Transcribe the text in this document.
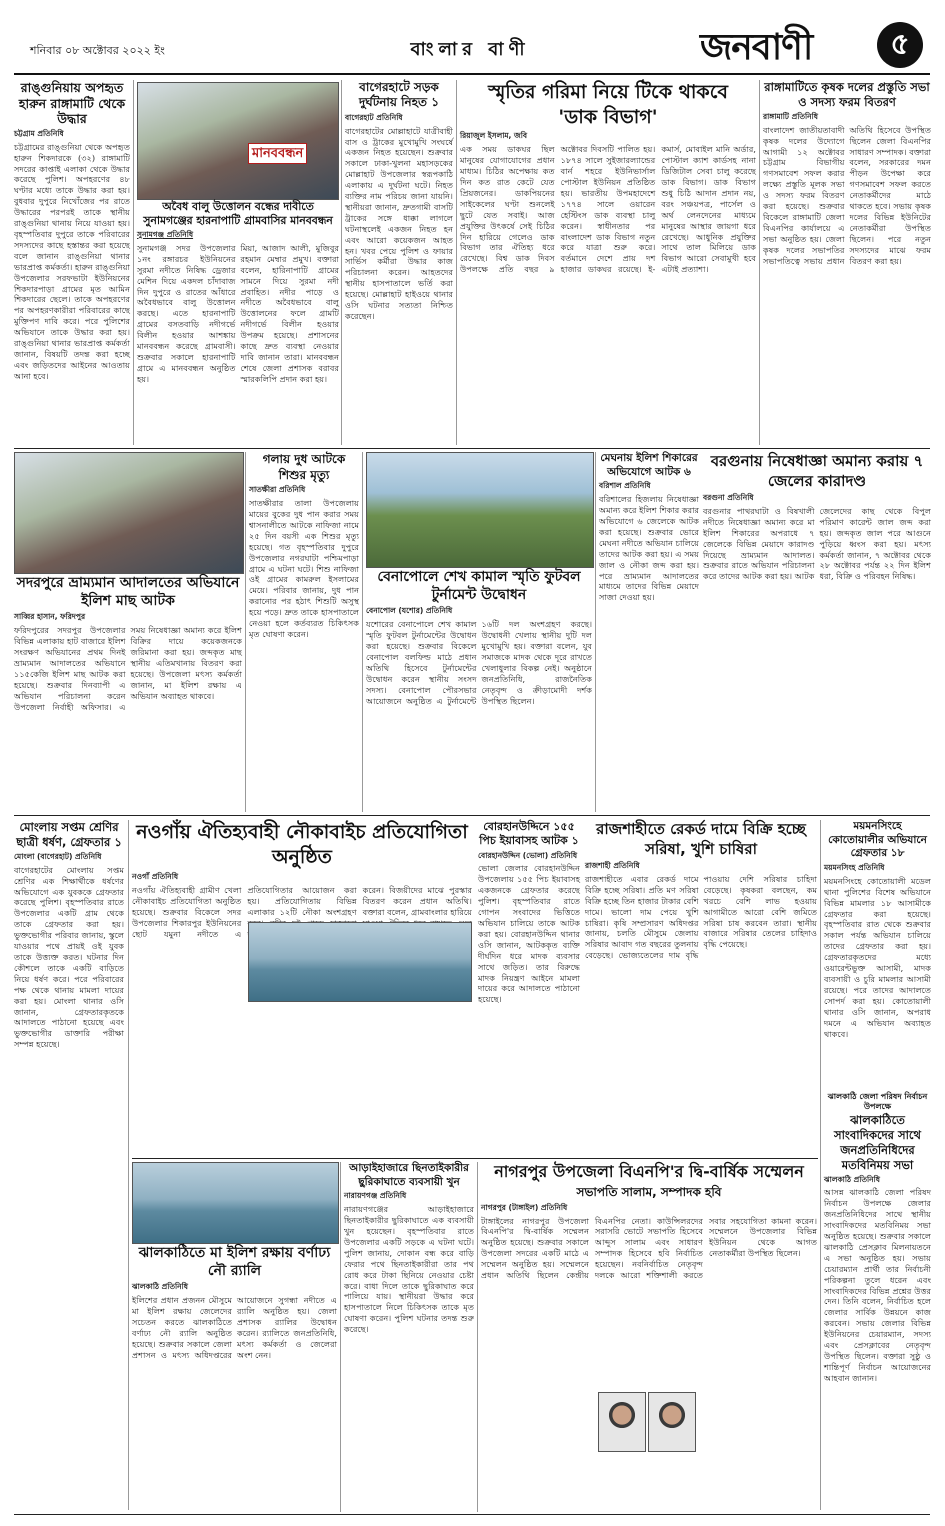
শনিবার ০৮ অক্টোবর ২০২২ ইং	বাংলার বাণী	জনবাণী	৫
রাঙ্গুনিয়ায় অপহৃত হারুন রাঙ্গামাটি থেকে উদ্ধার
চট্টগ্রাম প্রতিনিধি
চট্টগ্রামের রাঙ্গুনিয়া থেকে অপহৃত হারুন শিকদারকে (৩২) রাঙ্গামাটি সদরের কাপ্তাই এলাকা থেকে উদ্ধার করেছে পুলিশ। অপহরণের ৪৮ ঘণ্টার মধ্যে তাকে উদ্ধার করা হয়। বুধবার দুপুরে নিখোঁজের পর রাতে উদ্ধারের পরপরই তাকে স্থানীয় রাঙ্গুনিয়া থানায় নিয়ে যাওয়া হয়। বৃহস্পতিবার দুপুরে তাকে পরিবারের সদস্যদের কাছে হস্তান্তর করা হয়েছে বলে জানান রাঙ্গুনিয়া থানার ভারপ্রাপ্ত কর্মকর্তা। হারুন রাঙ্গুনিয়া উপজেলার সরফভাটা ইউনিয়নের শিকদারপাড়া গ্রামের মৃত আমিন শিকদারের ছেলে। তাকে অপহরণের পর অপহরণকারীরা পরিবারের কাছে মুক্তিপণ দাবি করে। পরে পুলিশের অভিযানে তাকে উদ্ধার করা হয়। রাঙ্গুনিয়া থানার ভারপ্রাপ্ত কর্মকর্তা জানান, বিষয়টি তদন্ত করা হচ্ছে এবং জড়িতদের আইনের আওতায় আনা হবে।
মানববন্ধন
অবৈধ বালু উত্তোলন বন্ধের দাবীতে সুনামগঞ্জের হারনাপাটি গ্রামবাসির মানববন্ধন
সুনামগঞ্জ প্রতিনিধি
সুনামগঞ্জ সদর উপজেলার ১নং রঙ্গারচর ইউনিয়নের সুরমা নদীতে নিষিদ্ধ ড্রেজার মেশিন দিয়ে একদল চাঁদাবাজ দিন দুপুরে ও রাতের আঁধারে অবৈধভাবে বালু উত্তোলন করছে। এতে হারনাপাটি গ্রামের বসতবাড়ি নদীগর্ভে বিলীন হওয়ার আশঙ্কায় মানববন্ধন করেছে গ্রামবাসী। শুক্রবার সকালে হারনাপাটি গ্রামে এ মানববন্ধন অনুষ্ঠিত হয়।
মিয়া, আজাদ আলী, মুজিবুর রহমান মেম্বার প্রমুখ। বক্তারা বলেন, হারিনাপাটি গ্রামের সামনে দিয়ে সুরমা নদী প্রবাহিত। নদীর পাড়ে ও নদীতে অবৈধভাবে বালু উত্তোলনের ফলে গ্রামটি নদীগর্ভে বিলীন হওয়ার উপক্রম হয়েছে। প্রশাসনের কাছে দ্রুত ব্যবস্থা নেওয়ার দাবি জানান তারা। মানববন্ধন শেষে জেলা প্রশাসক বরাবর স্মারকলিপি প্রদান করা হয়।
বাগেরহাটে সড়ক দুর্ঘটনায় নিহত ১
বাগেরহাট প্রতিনিধি
বাগেরহাটের মোল্লাহাটে যাত্রীবাহী বাস ও ট্রাকের মুখোমুখি সংঘর্ষে একজন নিহত হয়েছেন। শুক্রবার সকালে ঢাকা-খুলনা মহাসড়কের মোল্লাহাট উপজেলার স্বরূপকাঠি এলাকায় এ দুর্ঘটনা ঘটে। নিহত ব্যক্তির নাম পরিচয় জানা যায়নি। স্থানীয়রা জানান, দ্রুতগামী বাসটি ট্রাকের সঙ্গে ধাক্কা লাগলে ঘটনাস্থলেই একজন নিহত হন এবং আরো কয়েকজন আহত হন। খবর পেয়ে পুলিশ ও ফায়ার সার্ভিস কর্মীরা উদ্ধার কাজ পরিচালনা করেন। আহতদের স্থানীয় হাসপাতালে ভর্তি করা হয়েছে। মোল্লাহাট হাইওয়ে থানার ওসি ঘটনার সত্যতা নিশ্চিত করেছেন।
স্মৃতির গরিমা নিয়ে টিকে থাকবে 'ডাক বিভাগ'
রিয়াজুল ইসলাম, জবি
এক সময় ডাকঘর ছিল মানুষের যোগাযোগের প্রধান মাধ্যম। চিঠির অপেক্ষায় কত দিন কত রাত কেটে যেত প্রিয়জনের। ডাকপিয়নের সাইকেলের ঘণ্টা শুনলেই ছুটে যেত সবাই। আজ প্রযুক্তির উৎকর্ষে সেই চিঠির দিন হারিয়ে গেলেও ডাক বিভাগ তার ঐতিহ্য ধরে রেখেছে। বিশ্ব ডাক দিবস উপলক্ষে প্রতি বছর ৯ অক্টোবর দিবসটি পালিত হয়। ১৮৭৪ সালে সুইজারল্যান্ডের বার্ন শহরে ইউনিভার্সাল পোস্টাল ইউনিয়ন প্রতিষ্ঠিত হয়। ভারতীয় উপমহাদেশে ১৭৭৪ সালে ওয়ারেন হেস্টিংস ডাক ব্যবস্থা চালু করেন। স্বাধীনতার পর বাংলাদেশ ডাক বিভাগ নতুন করে যাত্রা শুরু করে। বর্তমানে দেশে প্রায় দশ হাজার ডাকঘর রয়েছে। ই-কমার্স, মোবাইল মানি অর্ডার, পোস্টাল ক্যাশ কার্ডসহ নানা ডিজিটাল সেবা চালু করেছে ডাক বিভাগ। ডাক বিভাগ শুধু চিঠি আদান প্রদান নয়, বরং সঞ্চয়পত্র, পার্সেল ও অর্থ লেনদেনের মাধ্যমে মানুষের আস্থার জায়গা ধরে রেখেছে। আধুনিক প্রযুক্তির সাথে তাল মিলিয়ে ডাক বিভাগ আরো সেবামুখী হবে এটাই প্রত্যাশা।
রাঙ্গামাটিতে কৃষক দলের প্রস্তুতি সভা ও সদস্য ফরম বিতরণ
রাঙ্গামাটি প্রতিনিধি
বাংলাদেশ জাতীয়তাবাদী কৃষক দলের উদ্যোগে আগামী ১২ অক্টোবর চট্টগ্রাম বিভাগীয় গণসমাবেশ সফল করার লক্ষ্যে প্রস্তুতি মূলক সভা ও সদস্য ফরম বিতরণ করা হয়েছে। শুক্রবার বিকেলে রাঙ্গামাটি জেলা বিএনপির কার্যালয়ে এ সভা অনুষ্ঠিত হয়। জেলা কৃষক দলের সভাপতির সভাপতিত্বে সভায় প্রধান অতিথি হিসেবে উপস্থিত ছিলেন জেলা বিএনপির সাধারণ সম্পাদক। বক্তারা বলেন, সরকারের দমন পীড়ন উপেক্ষা করে গণসমাবেশ সফল করতে নেতাকর্মীদের মাঠে থাকতে হবে। সভায় কৃষক দলের বিভিন্ন ইউনিটের নেতাকর্মীরা উপস্থিত ছিলেন। পরে নতুন সদস্যদের মাঝে ফরম বিতরণ করা হয়।
সদরপুরে ভ্রাম্যমান আদালতের অভিযানে ইলিশ মাছ আটক
সাব্বির হাসান, ফরিদপুর
ফরিদপুরের সদরপুর উপজেলার বিভিন্ন এলাকায় হাট বাজারে ইলিশ সংরক্ষণ অভিযানের প্রথম দিনই ভ্রাম্যমান আদালতের অভিযানে ১১৫কেজি ইলিশ মাছ আটক করা হয়েছে। শুক্রবার দিনব্যাপী এ অভিযান পরিচালনা করেন উপজেলা নির্বাহী অফিসার। এ সময় নিষেধাজ্ঞা অমান্য করে ইলিশ বিক্রির দায়ে কয়েকজনকে জরিমানা করা হয়। জব্দকৃত মাছ স্থানীয় এতিমখানায় বিতরণ করা হয়েছে। উপজেলা মৎস্য কর্মকর্তা জানান, মা ইলিশ রক্ষায় এ অভিযান অব্যাহত থাকবে।
গলায় দুধ আটকে শিশুর মৃত্যু
সাতক্ষীরা প্রতিনিধি
সাতক্ষীরার তালা উপজেলায় মায়ের বুকের দুধ পান করার সময় শ্বাসনালীতে আটকে নাফিজা নামে ২৫ দিন বয়সী এক শিশুর মৃত্যু হয়েছে। গত বৃহস্পতিবার দুপুরে উপজেলার নগরঘাটা পশ্চিমপাড়া গ্রামে এ ঘটনা ঘটে। শিশু নাফিজা ওই গ্রামের কামরুল ইসলামের মেয়ে। পরিবার জানায়, দুধ পান করানোর পর হঠাৎ শিশুটি অসুস্থ হয়ে পড়ে। দ্রুত তাকে হাসপাতালে নেওয়া হলে কর্তব্যরত চিকিৎসক মৃত ঘোষণা করেন।
বেনাপোলে শেখ কামাল স্মৃতি ফুটবল টুর্নামেন্ট উদ্বোধন
বেনাপোল (যশোর) প্রতিনিধি
যশোরের বেনাপোলে শেখ কামাল স্মৃতি ফুটবল টুর্নামেন্টের উদ্বোধন করা হয়েছে। শুক্রবার বিকেলে বেনাপোল বলফিল্ড মাঠে প্রধান অতিথি হিসেবে টুর্নামেন্টের উদ্বোধন করেন স্থানীয় সংসদ সদস্য। বেনাপোল পৌরসভার আয়োজনে অনুষ্ঠিত এ টুর্নামেন্টে ১৬টি দল অংশগ্রহণ করছে। উদ্বোধনী খেলায় স্থানীয় দুটি দল মুখোমুখি হয়। বক্তারা বলেন, যুব সমাজকে মাদক থেকে দূরে রাখতে খেলাধুলার বিকল্প নেই। অনুষ্ঠানে জনপ্রতিনিধি, রাজনৈতিক নেতৃবৃন্দ ও ক্রীড়ামোদী দর্শক উপস্থিত ছিলেন।
মেঘনায় ইলিশ শিকারের অভিযোগে আটক ৬
বরিশাল প্রতিনিধি
বরিশালের হিজলায় নিষেধাজ্ঞা অমান্য করে ইলিশ শিকার করার অভিযোগে ৬ জেলেকে আটক করা হয়েছে। শুক্রবার ভোরে মেঘনা নদীতে অভিযান চালিয়ে তাদের আটক করা হয়। এ সময় জাল ও নৌকা জব্দ করা হয়। পরে ভ্রাম্যমান আদালতের মাধ্যমে তাদের বিভিন্ন মেয়াদে সাজা দেওয়া হয়।
বরগুনায় নিষেধাজ্ঞা অমান্য করায় ৭ জেলের কারাদণ্ড
বরগুনা প্রতিনিধি
বরগুনার পাথরঘাটা ও বিষখালী নদীতে নিষেধাজ্ঞা অমান্য করে মা ইলিশ শিকারের অপরাধে ৭ জেলেকে বিভিন্ন মেয়াদে কারাদণ্ড দিয়েছে ভ্রাম্যমান আদালত। শুক্রবার রাতে অভিযান পরিচালনা করে তাদের আটক করা হয়। আটক জেলেদের কাছ থেকে বিপুল পরিমাণ কারেন্ট জাল জব্দ করা হয়। জব্দকৃত জাল পরে আগুনে পুড়িয়ে ধ্বংস করা হয়। মৎস্য কর্মকর্তা জানান, ৭ অক্টোবর থেকে ২৮ অক্টোবর পর্যন্ত ২২ দিন ইলিশ ধরা, বিক্রি ও পরিবহন নিষিদ্ধ।
মোংলায় সপ্তম শ্রেণির ছাত্রী ধর্ষণ, গ্রেফতার ১
মোংলা (বাগেরহাট) প্রতিনিধি
বাগেরহাটের মোংলায় সপ্তম শ্রেণির এক শিক্ষার্থীকে ধর্ষণের অভিযোগে এক যুবককে গ্রেফতার করেছে পুলিশ। বৃহস্পতিবার রাতে উপজেলার একটি গ্রাম থেকে তাকে গ্রেফতার করা হয়। ভুক্তভোগীর পরিবার জানায়, স্কুলে যাওয়ার পথে প্রায়ই ওই যুবক তাকে উত্ত্যক্ত করত। ঘটনার দিন কৌশলে তাকে একটি বাড়িতে নিয়ে ধর্ষণ করে। পরে পরিবারের পক্ষ থেকে থানায় মামলা দায়ের করা হয়। মোংলা থানার ওসি জানান, গ্রেফতারকৃতকে আদালতে পাঠানো হয়েছে এবং ভুক্তভোগীর ডাক্তারি পরীক্ষা সম্পন্ন হয়েছে।
নওগাঁয় ঐতিহ্যবাহী নৌকাবাইচ প্রতিযোগিতা অনুষ্ঠিত
নওগাঁ প্রতিনিধি
নওগাঁয় ঐতিহ্যবাহী গ্রামীণ খেলা নৌকাবাইচ প্রতিযোগিতা অনুষ্ঠিত হয়েছে। শুক্রবার বিকেলে সদর উপজেলার শিকারপুর ইউনিয়নের ছোট যমুনা নদীতে এ প্রতিযোগিতার আয়োজন করা হয়। প্রতিযোগিতায় বিভিন্ন এলাকার ১২টি নৌকা অংশগ্রহণ করেন। বিজয়ীদের মাঝে পুরস্কার বিতরণ করেন প্রধান অতিথি। বক্তারা বলেন, গ্রামবাংলার হারিয়ে
বোরহানউদ্দিনে ১৫৫ পিচ ইয়াবাসহ আটক ১
বোরহানউদ্দিন (ভোলা) প্রতিনিধি
ভোলা জেলার বোরহানউদ্দিন উপজেলায় ১৫৫ পিচ ইয়াবাসহ একজনকে গ্রেফতার করেছে পুলিশ। বৃহস্পতিবার রাতে গোপন সংবাদের ভিত্তিতে অভিযান চালিয়ে তাকে আটক করা হয়। বোরহানউদ্দিন থানার ওসি জানান, আটককৃত ব্যক্তি দীর্ঘদিন ধরে মাদক ব্যবসার সাথে জড়িত। তার বিরুদ্ধে মাদক নিয়ন্ত্রণ আইনে মামলা দায়ের করে আদালতে পাঠানো হয়েছে।
রাজশাহীতে রেকর্ড দামে বিক্রি হচ্ছে সরিষা, খুশি চাষিরা
রাজশাহী প্রতিনিধি
রাজশাহীতে এবার রেকর্ড দামে বিক্রি হচ্ছে সরিষা। প্রতি মণ সরিষা বিক্রি হচ্ছে তিন হাজার টাকার বেশি দামে। ভালো দাম পেয়ে খুশি চাষিরা। কৃষি সম্প্রসারণ অধিদপ্তর জানায়, চলতি মৌসুমে জেলায় সরিষার আবাদ গত বছরের তুলনায় বেড়েছে। ভোজ্যতেলের দাম বৃদ্ধি পাওয়ায় দেশি সরিষার চাহিদা বেড়েছে। কৃষকরা বলছেন, কম খরচে বেশি লাভ হওয়ায় আগামীতে আরো বেশি জমিতে সরিষা চাষ করবেন তারা। স্থানীয় বাজারে সরিষার তেলের চাহিদাও বৃদ্ধি পেয়েছে।
ময়মনসিংহে কোতোয়ালীর অভিযানে গ্রেফতার ১৮
ময়মনসিংহ প্রতিনিধি
ময়মনসিংহে কোতোয়ালী মডেল থানা পুলিশের বিশেষ অভিযানে বিভিন্ন মামলার ১৮ আসামীকে গ্রেফতার করা হয়েছে। বৃহস্পতিবার রাত থেকে শুক্রবার সকাল পর্যন্ত অভিযান চালিয়ে তাদের গ্রেফতার করা হয়। গ্রেফতারকৃতদের মধ্যে ওয়ারেন্টভুক্ত আসামী, মাদক ব্যবসায়ী ও চুরি মামলার আসামী রয়েছে। পরে তাদের আদালতে সোপর্দ করা হয়। কোতোয়ালী থানার ওসি জানান, অপরাধ দমনে এ অভিযান অব্যাহত থাকবে।
ঝালকাঠি জেলা পরিষদ নির্বাচন উপলক্ষে
ঝালকাঠিতে সাংবাদিকদের সাথে জনপ্রতিনিধিদের মতবিনিময় সভা
ঝালকাঠি প্রতিনিধি
আসন্ন ঝালকাঠি জেলা পরিষদ নির্বাচন উপলক্ষে জেলার জনপ্রতিনিধিদের সাথে স্থানীয় সাংবাদিকদের মতবিনিময় সভা অনুষ্ঠিত হয়েছে। শুক্রবার সকালে ঝালকাঠি প্রেসক্লাব মিলনায়তনে এ সভা অনুষ্ঠিত হয়। সভায় চেয়ারম্যান প্রার্থী তার নির্বাচনী পরিকল্পনা তুলে ধরেন এবং সাংবাদিকদের বিভিন্ন প্রশ্নের উত্তর দেন। তিনি বলেন, নির্বাচিত হলে জেলার সার্বিক উন্নয়নে কাজ করবেন। সভায় জেলার বিভিন্ন ইউনিয়নের চেয়ারম্যান, সদস্য এবং প্রেসক্লাবের নেতৃবৃন্দ উপস্থিত ছিলেন। বক্তারা সুষ্ঠু ও শান্তিপূর্ণ নির্বাচন আয়োজনের আহবান জানান।
ঝালকাঠিতে মা ইলিশ রক্ষায় বর্ণাঢ্য নৌ র‍্যালি
ঝালকাঠি প্রতিনিধি
ইলিশের প্রধান প্রজনন মৌসুমে মা ইলিশ রক্ষায় জেলেদের সচেতন করতে ঝালকাঠিতে বর্ণাঢ্য নৌ র‍্যালি অনুষ্ঠিত হয়েছে। শুক্রবার সকালে জেলা প্রশাসন ও মৎস্য অধিদপ্তরের আয়োজনে সুগন্ধা নদীতে এ র‍্যালি অনুষ্ঠিত হয়। জেলা প্রশাসক র‍্যালির উদ্বোধন করেন। র‍্যালিতে জনপ্রতিনিধি, মৎস্য কর্মকর্তা ও জেলেরা অংশ নেন।
আড়াইহাজারে ছিনতাইকারীর ছুরিকাঘাতে ব্যবসায়ী খুন
নারায়ণগঞ্জ প্রতিনিধি
নারায়ণগঞ্জের আড়াইহাজারে ছিনতাইকারীর ছুরিকাঘাতে এক ব্যবসায়ী খুন হয়েছেন। বৃহস্পতিবার রাতে উপজেলার একটি সড়কে এ ঘটনা ঘটে। পুলিশ জানায়, দোকান বন্ধ করে বাড়ি ফেরার পথে ছিনতাইকারীরা তার পথ রোধ করে টাকা ছিনিয়ে নেওয়ার চেষ্টা করে। বাধা দিলে তাকে ছুরিকাঘাত করে পালিয়ে যায়। স্থানীয়রা উদ্ধার করে হাসপাতালে নিলে চিকিৎসক তাকে মৃত ঘোষণা করেন। পুলিশ ঘটনার তদন্ত শুরু করেছে।
নাগরপুর উপজেলা বিএনপি'র দ্বি-বার্ষিক সম্মেলন
সভাপতি সালাম, সম্পাদক হবি
নাগরপুর (টাঙ্গাইল) প্রতিনিধি
টাঙ্গাইলের নাগরপুর উপজেলা বিএনপি'র দ্বি-বার্ষিক সম্মেলন অনুষ্ঠিত হয়েছে। শুক্রবার সকালে উপজেলা সদরের একটি মাঠে এ সম্মেলন অনুষ্ঠিত হয়। সম্মেলনে প্রধান অতিথি ছিলেন কেন্দ্রীয় বিএনপির নেতা। কাউন্সিলরদের সরাসরি ভোটে সভাপতি হিসেবে আব্দুস সালাম এবং সাধারণ সম্পাদক হিসেবে হবি নির্বাচিত হয়েছেন। নবনির্বাচিত নেতৃবৃন্দ দলকে আরো শক্তিশালী করতে সবার সহযোগিতা কামনা করেন। সম্মেলনে উপজেলার বিভিন্ন ইউনিয়ন থেকে আগত নেতাকর্মীরা উপস্থিত ছিলেন।
